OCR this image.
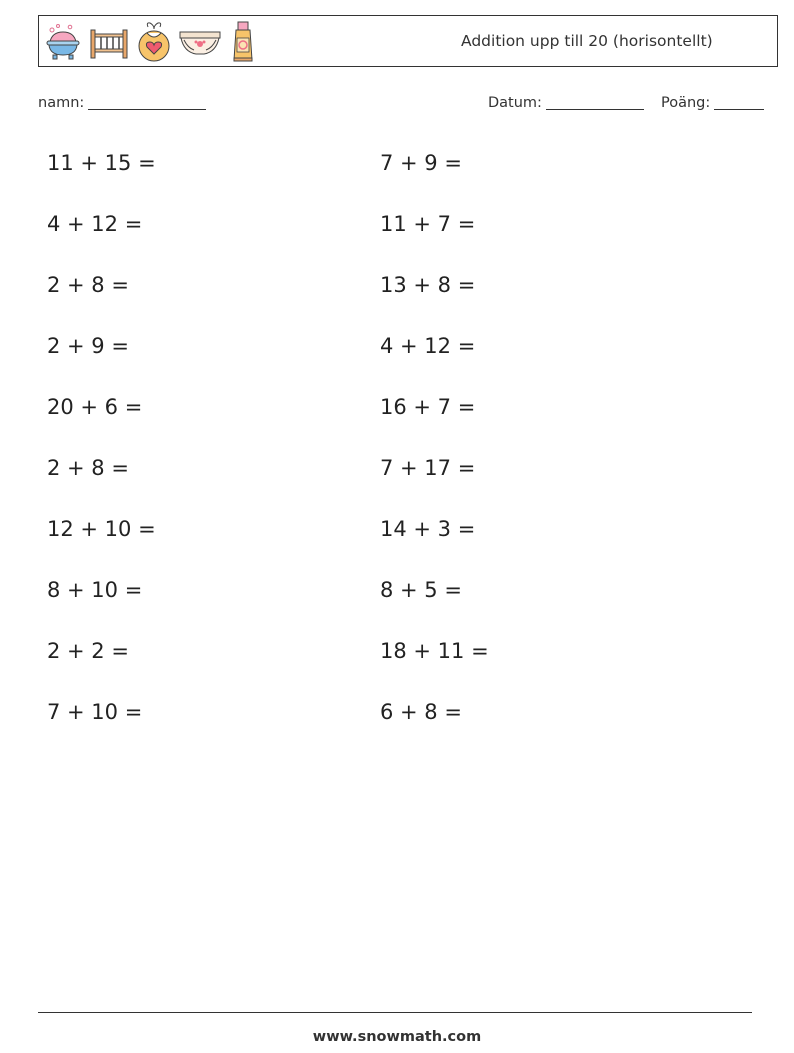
Addition upp till 20 (horisontellt)
namn:	Datum:	Poäng:
11 + 15 =
4 + 12 =
2 + 8 =
2 + 9 =
20 + 6 =
2 + 8 =
12 + 10 =
8 + 10 =
2 + 2 =
7 + 10 =
7 + 9 =
11 + 7 =
13 + 8 =
4 + 12 =
16 + 7 =
7 + 17 =
14 + 3 =
8 + 5 =
18 + 11 =
6 + 8 =
www.snowmath.com
